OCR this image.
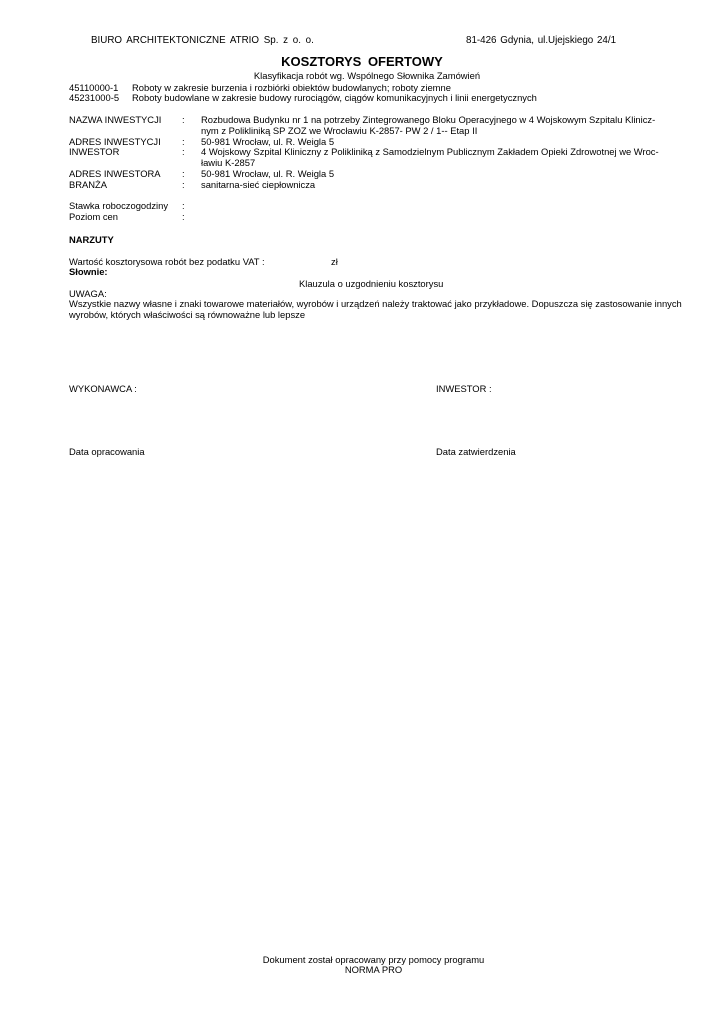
BIURO ARCHITEKTONICZNE ATRIO Sp. z o. o.	81-426 Gdynia, ul.Ujejskiego 24/1
KOSZTORYS OFERTOWY
Klasyfikacja robót wg. Wspólnego Słownika Zamówień
45110000-1 Roboty w zakresie burzenia i rozbiórki obiektów budowlanych; roboty ziemne
45231000-5 Roboty budowlane w zakresie budowy rurociągów, ciągów komunikacyjnych i linii energetycznych
NAZWA INWESTYCJI : Rozbudowa Budynku nr 1 na potrzeby Zintegrowanego Bloku Operacyjnego w 4 Wojskowym Szpitalu Klinicz-
nym z Polikliniką SP ZOZ we Wrocławiu K-2857- PW 2 / 1-- Etap II
ADRES INWESTYCJI : 50-981 Wrocław, ul. R. Weigla 5
INWESTOR	: 4 Wojskowy Szpital Kliniczny z Polikliniką z Samodzielnym Publicznym Zakładem Opieki Zdrowotnej we Wroc-
ławiu K-2857
ADRES INWESTORA : 50-981 Wrocław, ul. R. Weigla 5
BRANŻA	: sanitarna-sieć ciepłownicza
Stawka roboczogodziny :
Poziom cen	:
NARZUTY
Wartość kosztorysowa robót bez podatku VAT :	zł
Słownie:
Klauzula o uzgodnieniu kosztorysu
UWAGA:
Wszystkie nazwy własne i znaki towarowe materiałów, wyrobów i urządzeń należy traktować jako przykładowe. Dopuszcza się zastosowanie innych wyrobów, których właściwości są równoważne lub lepsze
WYKONAWCA :	INWESTOR :
Data opracowania	Data zatwierdzenia
Dokument został opracowany przy pomocy programu
NORMA PRO
